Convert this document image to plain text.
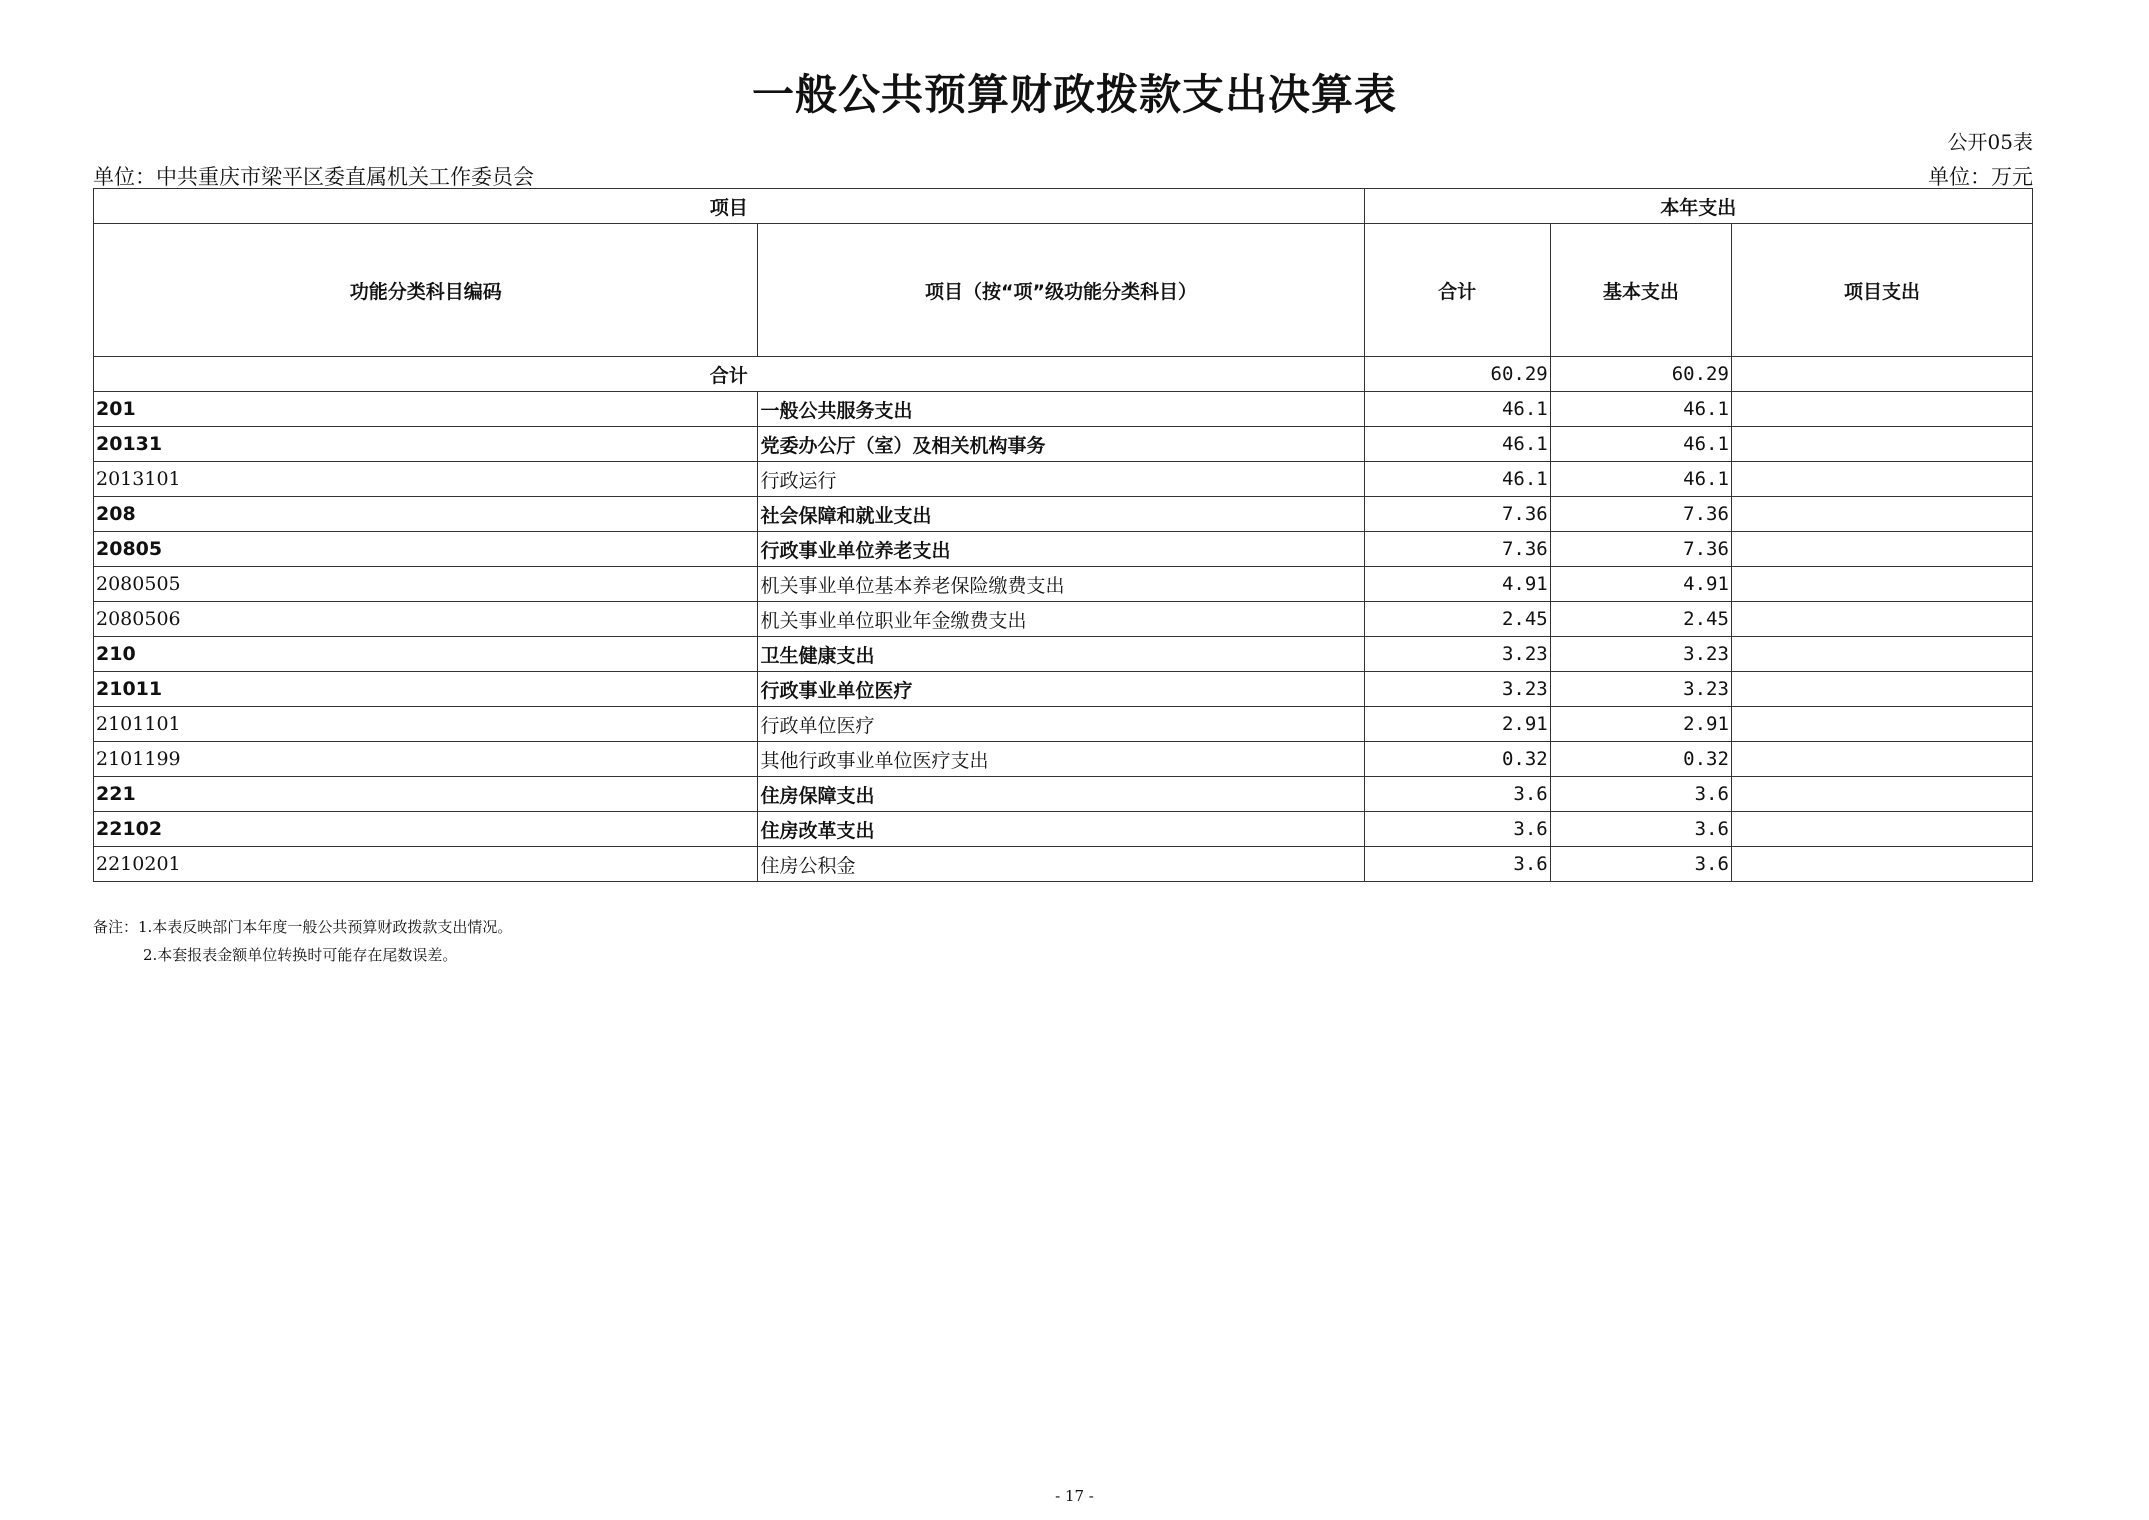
一般公共预算财政拨款支出决算表
公开05表
单位：中共重庆市梁平区委直属机关工作委员会	单位：万元
项目		本年支出		
功能分类科目编码	项目（按“项”级功能分类科目）	合计	基本支出	项目支出
合计		60.29	60.29	
201	一般公共服务支出	46.1	46.1	
20131	党委办公厅（室）及相关机构事务	46.1	46.1	
2013101	行政运行	46.1	46.1	
208	社会保障和就业支出	7.36	7.36	
20805	行政事业单位养老支出	7.36	7.36	
2080505	机关事业单位基本养老保险缴费支出	4.91	4.91	
2080506	机关事业单位职业年金缴费支出	2.45	2.45	
210	卫生健康支出	3.23	3.23	
21011	行政事业单位医疗	3.23	3.23	
2101101	行政单位医疗	2.91	2.91	
2101199	其他行政事业单位医疗支出	0.32	0.32	
221	住房保障支出	3.6	3.6	
22102	住房改革支出	3.6	3.6	
2210201	住房公积金	3.6	3.6	
备注：1.本表反映部门本年度一般公共预算财政拨款支出情况。
2.本套报表金额单位转换时可能存在尾数误差。
- 17 -
